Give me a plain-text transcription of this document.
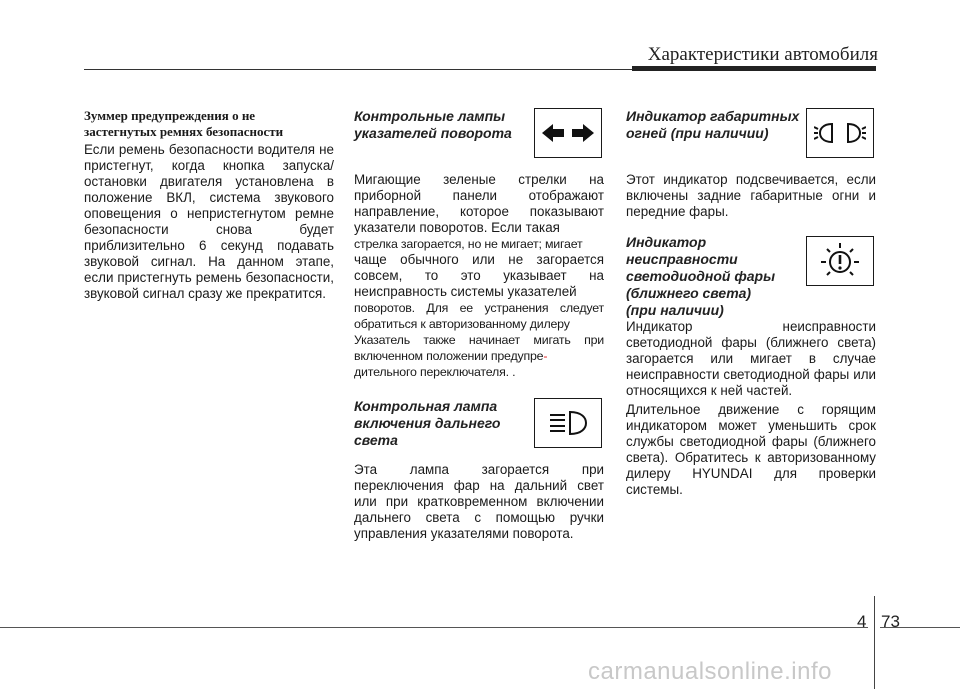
Характеристики автомобиля
Зуммер предупреждения о не
застегнутых ремнях безопасности

Если ремень безопасности водителя не пристегнут, когда кнопка запуска/остановки двигателя установлена в положение ВКЛ, система звукового оповещения о непристегнутом ремне безопасности снова будет приблизительно 6 секунд подавать звуковой сигнал. На данном этапе, если пристегнуть ремень безопасности, звуковой сигнал сразу же прекратится.

Контрольные лампы
указателей поворота

Мигающие зеленые стрелки на приборной панели отображают направление, которое показывают указатели поворотов. Если такая

стрелка загорается, но не мигает; мигает

чаще обычного или не загорается совсем, то это указывает на неисправность системы указателей

поворотов. Для ее устранения следует обратиться к авторизованному дилеру

Указатель также начинает мигать при включенном положении предупре-
дительного переключателя. .

Контрольная лампа
включения дальнего
света

Эта лампа загорается при переключения фар на дальний свет или при кратковременном включении дальнего света с помощью ручки управления указателями поворота.

Индикатор габаритных
огней (при наличии)

Этот индикатор подсвечивается, если включены задние габаритные огни и передние фары.

Индикатор
неисправности
светодиодной фары
(ближнего света)
(при наличии)

Индикатор неисправности светодиодной фары (ближнего света) загорается или мигает в случае неисправности светодиодной фары или относящихся к ней частей.

Длительное движение с горящим индикатором может уменьшить срок службы светодиодной фары (ближнего света). Обратитесь к авторизованному дилеру HYUNDAI для проверки системы.

4 73
carmanualsonline.info
